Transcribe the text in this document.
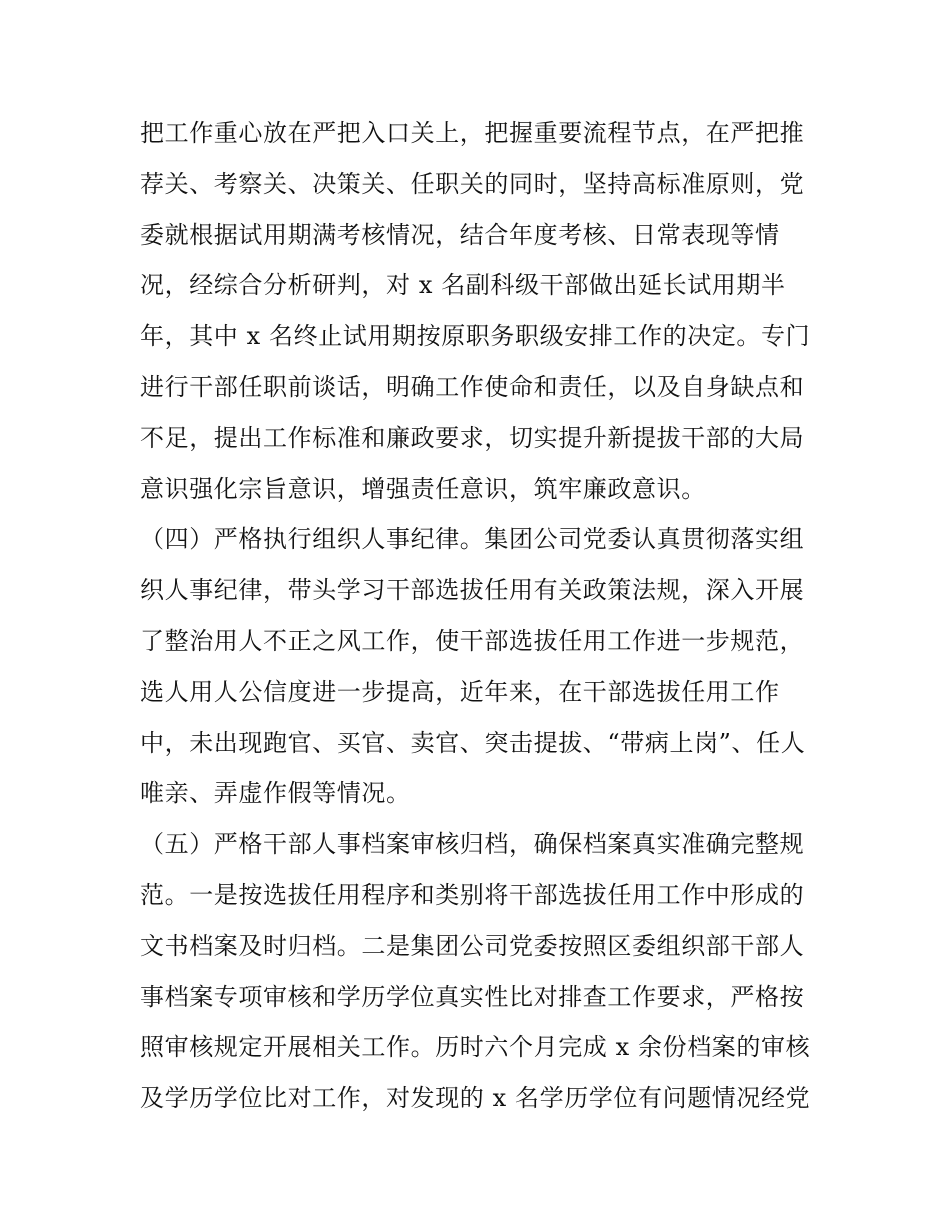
把工作重心放在严把入口关上，把握重要流程节点，在严把推
荐关、考察关、决策关、任职关的同时，坚持高标准原则，党
委就根据试用期满考核情况，结合年度考核、日常表现等情
况，经综合分析研判，对 x 名副科级干部做出延长试用期半
年，其中 x 名终止试用期按原职务职级安排工作的决定。专门
进行干部任职前谈话，明确工作使命和责任，以及自身缺点和
不足，提出工作标准和廉政要求，切实提升新提拔干部的大局
意识强化宗旨意识，增强责任意识，筑牢廉政意识。
（四）严格执行组织人事纪律。集团公司党委认真贯彻落实组
织人事纪律，带头学习干部选拔任用有关政策法规，深入开展
了整治用人不正之风工作，使干部选拔任用工作进一步规范，
选人用人公信度进一步提高，近年来，在干部选拔任用工作
中，未出现跑官、买官、卖官、突击提拔、“带病上岗”、任人
唯亲、弄虚作假等情况。
（五）严格干部人事档案审核归档，确保档案真实准确完整规
范。一是按选拔任用程序和类别将干部选拔任用工作中形成的
文书档案及时归档。二是集团公司党委按照区委组织部干部人
事档案专项审核和学历学位真实性比对排查工作要求，严格按
照审核规定开展相关工作。历时六个月完成 x 余份档案的审核
及学历学位比对工作，对发现的 x 名学历学位有问题情况经党
